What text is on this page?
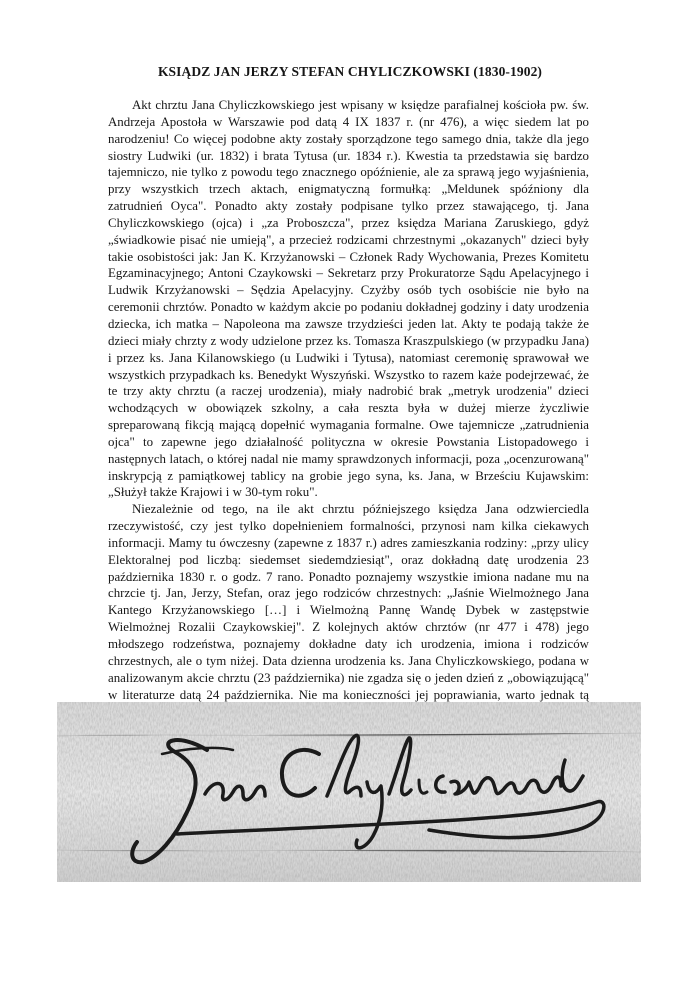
KSIĄDZ JAN JERZY STEFAN CHYLICZKOWSKI (1830-1902)

Akt chrztu Jana Chyliczkowskiego jest wpisany w księdze parafialnej kościoła pw. św. Andrzeja Apostoła w Warszawie pod datą 4 IX 1837 r. (nr 476), a więc siedem lat po narodzeniu! Co więcej podobne akty zostały sporządzone tego samego dnia, także dla jego siostry Ludwiki (ur. 1832) i brata Tytusa (ur. 1834 r.). Kwestia ta przedstawia się bardzo tajemniczo, nie tylko z powodu tego znacznego opóźnienie, ale za sprawą jego wyjaśnienia, przy wszystkich trzech aktach, enigmatyczną formułką: „Meldunek spóźniony dla zatrudnień Oyca". Ponadto akty zostały podpisane tylko przez stawającego, tj. Jana Chyliczkowskiego (ojca) i „za Proboszcza", przez księdza Mariana Zaruskiego, gdyż „świadkowie pisać nie umieją", a przecież rodzicami chrzestnymi „okazanych" dzieci były takie osobistości jak: Jan K. Krzyżanowski – Członek Rady Wychowania, Prezes Komitetu Egzaminacyjnego; Antoni Czaykowski – Sekretarz przy Prokuratorze Sądu Apelacyjnego i Ludwik Krzyżanowski – Sędzia Apelacyjny. Czyżby osób tych osobiście nie było na ceremonii chrztów. Ponadto w każdym akcie po podaniu dokładnej godziny i daty urodzenia dziecka, ich matka – Napoleona ma zawsze trzydzieści jeden lat. Akty te podają także że dzieci miały chrzty z wody udzielone przez ks. Tomasza Kraszpulskiego (w przypadku Jana) i przez ks. Jana Kilanowskiego (u Ludwiki i Tytusa), natomiast ceremonię sprawował we wszystkich przypadkach ks. Benedykt Wyszyński. Wszystko to razem każe podejrzewać, że te trzy akty chrztu (a raczej urodzenia), miały nadrobić brak „metryk urodzenia" dzieci wchodzących w obowiązek szkolny, a cała reszta była w dużej mierze życzliwie spreparowaną fikcją mającą dopełnić wymagania formalne. Owe tajemnicze „zatrudnienia ojca" to zapewne jego działalność polityczna w okresie Powstania Listopadowego i następnych latach, o której nadal nie mamy sprawdzonych informacji, poza „ocenzurowaną" inskrypcją z pamiątkowej tablicy na grobie jego syna, ks. Jana, w Brześciu Kujawskim: „Służył także Krajowi i w 30-tym roku".

Niezależnie od tego, na ile akt chrztu późniejszego księdza Jana odzwierciedla rzeczywistość, czy jest tylko dopełnieniem formalności, przynosi nam kilka ciekawych informacji. Mamy tu ówczesny (zapewne z 1837 r.) adres zamieszkania rodziny: „przy ulicy Elektoralnej pod liczbą: siedemset siedemdziesiąt", oraz dokładną datę urodzenia 23 października 1830 r. o godz. 7 rano. Ponadto poznajemy wszystkie imiona nadane mu na chrzcie tj. Jan, Jerzy, Stefan, oraz jego rodziców chrzestnych: „Jaśnie Wielmożnego Jana Kantego Krzyżanowskiego […] i Wielmożną Pannę Wandę Dybek w zastępstwie Wielmożnej Rozalii Czaykowskiej". Z kolejnych aktów chrztów (nr 477 i 478) jego młodszego rodzeństwa, poznajemy dokładne daty ich urodzenia, imiona i rodziców chrzestnych, ale o tym niżej. Data dzienna urodzenia ks. Jana Chyliczkowskiego, podana w analizowanym akcie chrztu (23 października) nie zgadza się o jeden dzień z „obowiązującą" w literaturze datą 24 października. Nie ma konieczności jej poprawiania, warto jednak tą
